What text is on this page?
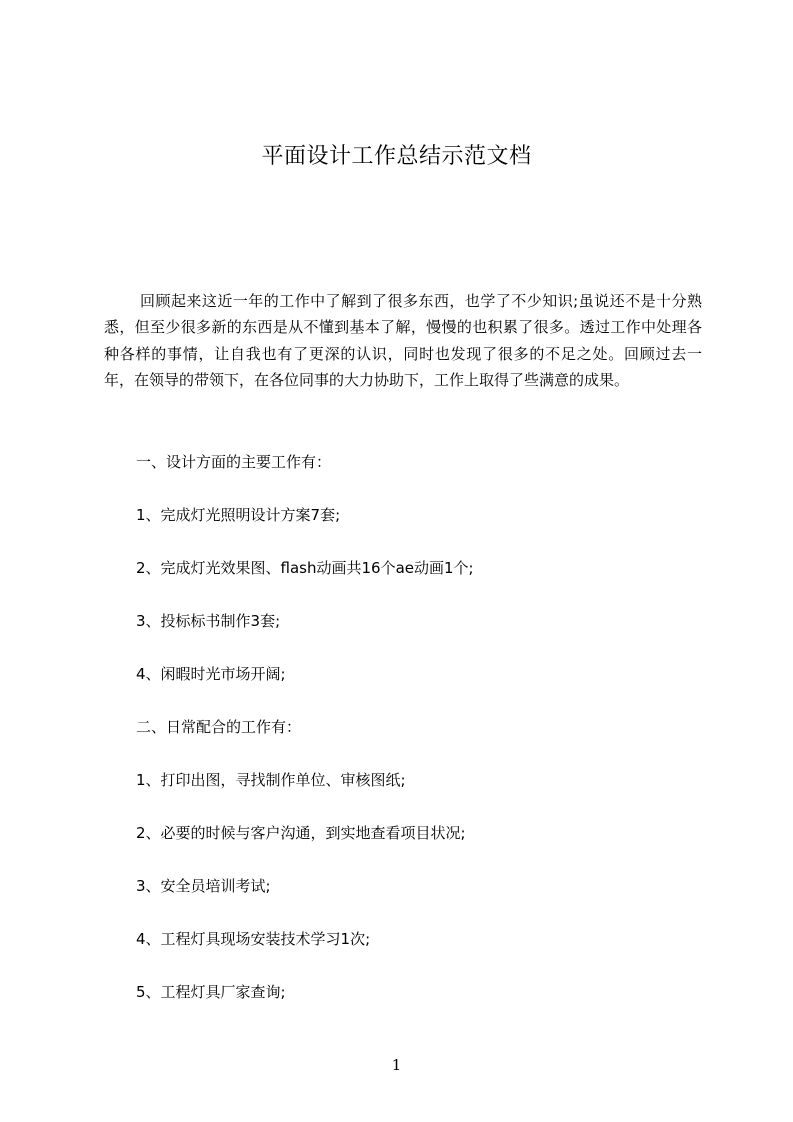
平面设计工作总结示范文档

回顾起来这近一年的工作中了解到了很多东西，也学了不少知识;虽说还不是十分熟悉，但至少很多新的东西是从不懂到基本了解，慢慢的也积累了很多。透过工作中处理各种各样的事情，让自我也有了更深的认识，同时也发现了很多的不足之处。回顾过去一年，在领导的带领下，在各位同事的大力协助下，工作上取得了些满意的成果。

一、设计方面的主要工作有：

1、完成灯光照明设计方案7套;

2、完成灯光效果图、flash动画共16个ae动画1个;

3、投标标书制作3套;

4、闲暇时光市场开阔;

二、日常配合的工作有：

1、打印出图，寻找制作单位、审核图纸;

2、必要的时候与客户沟通，到实地查看项目状况;

3、安全员培训考试;

4、工程灯具现场安装技术学习1次;

5、工程灯具厂家查询;

1
